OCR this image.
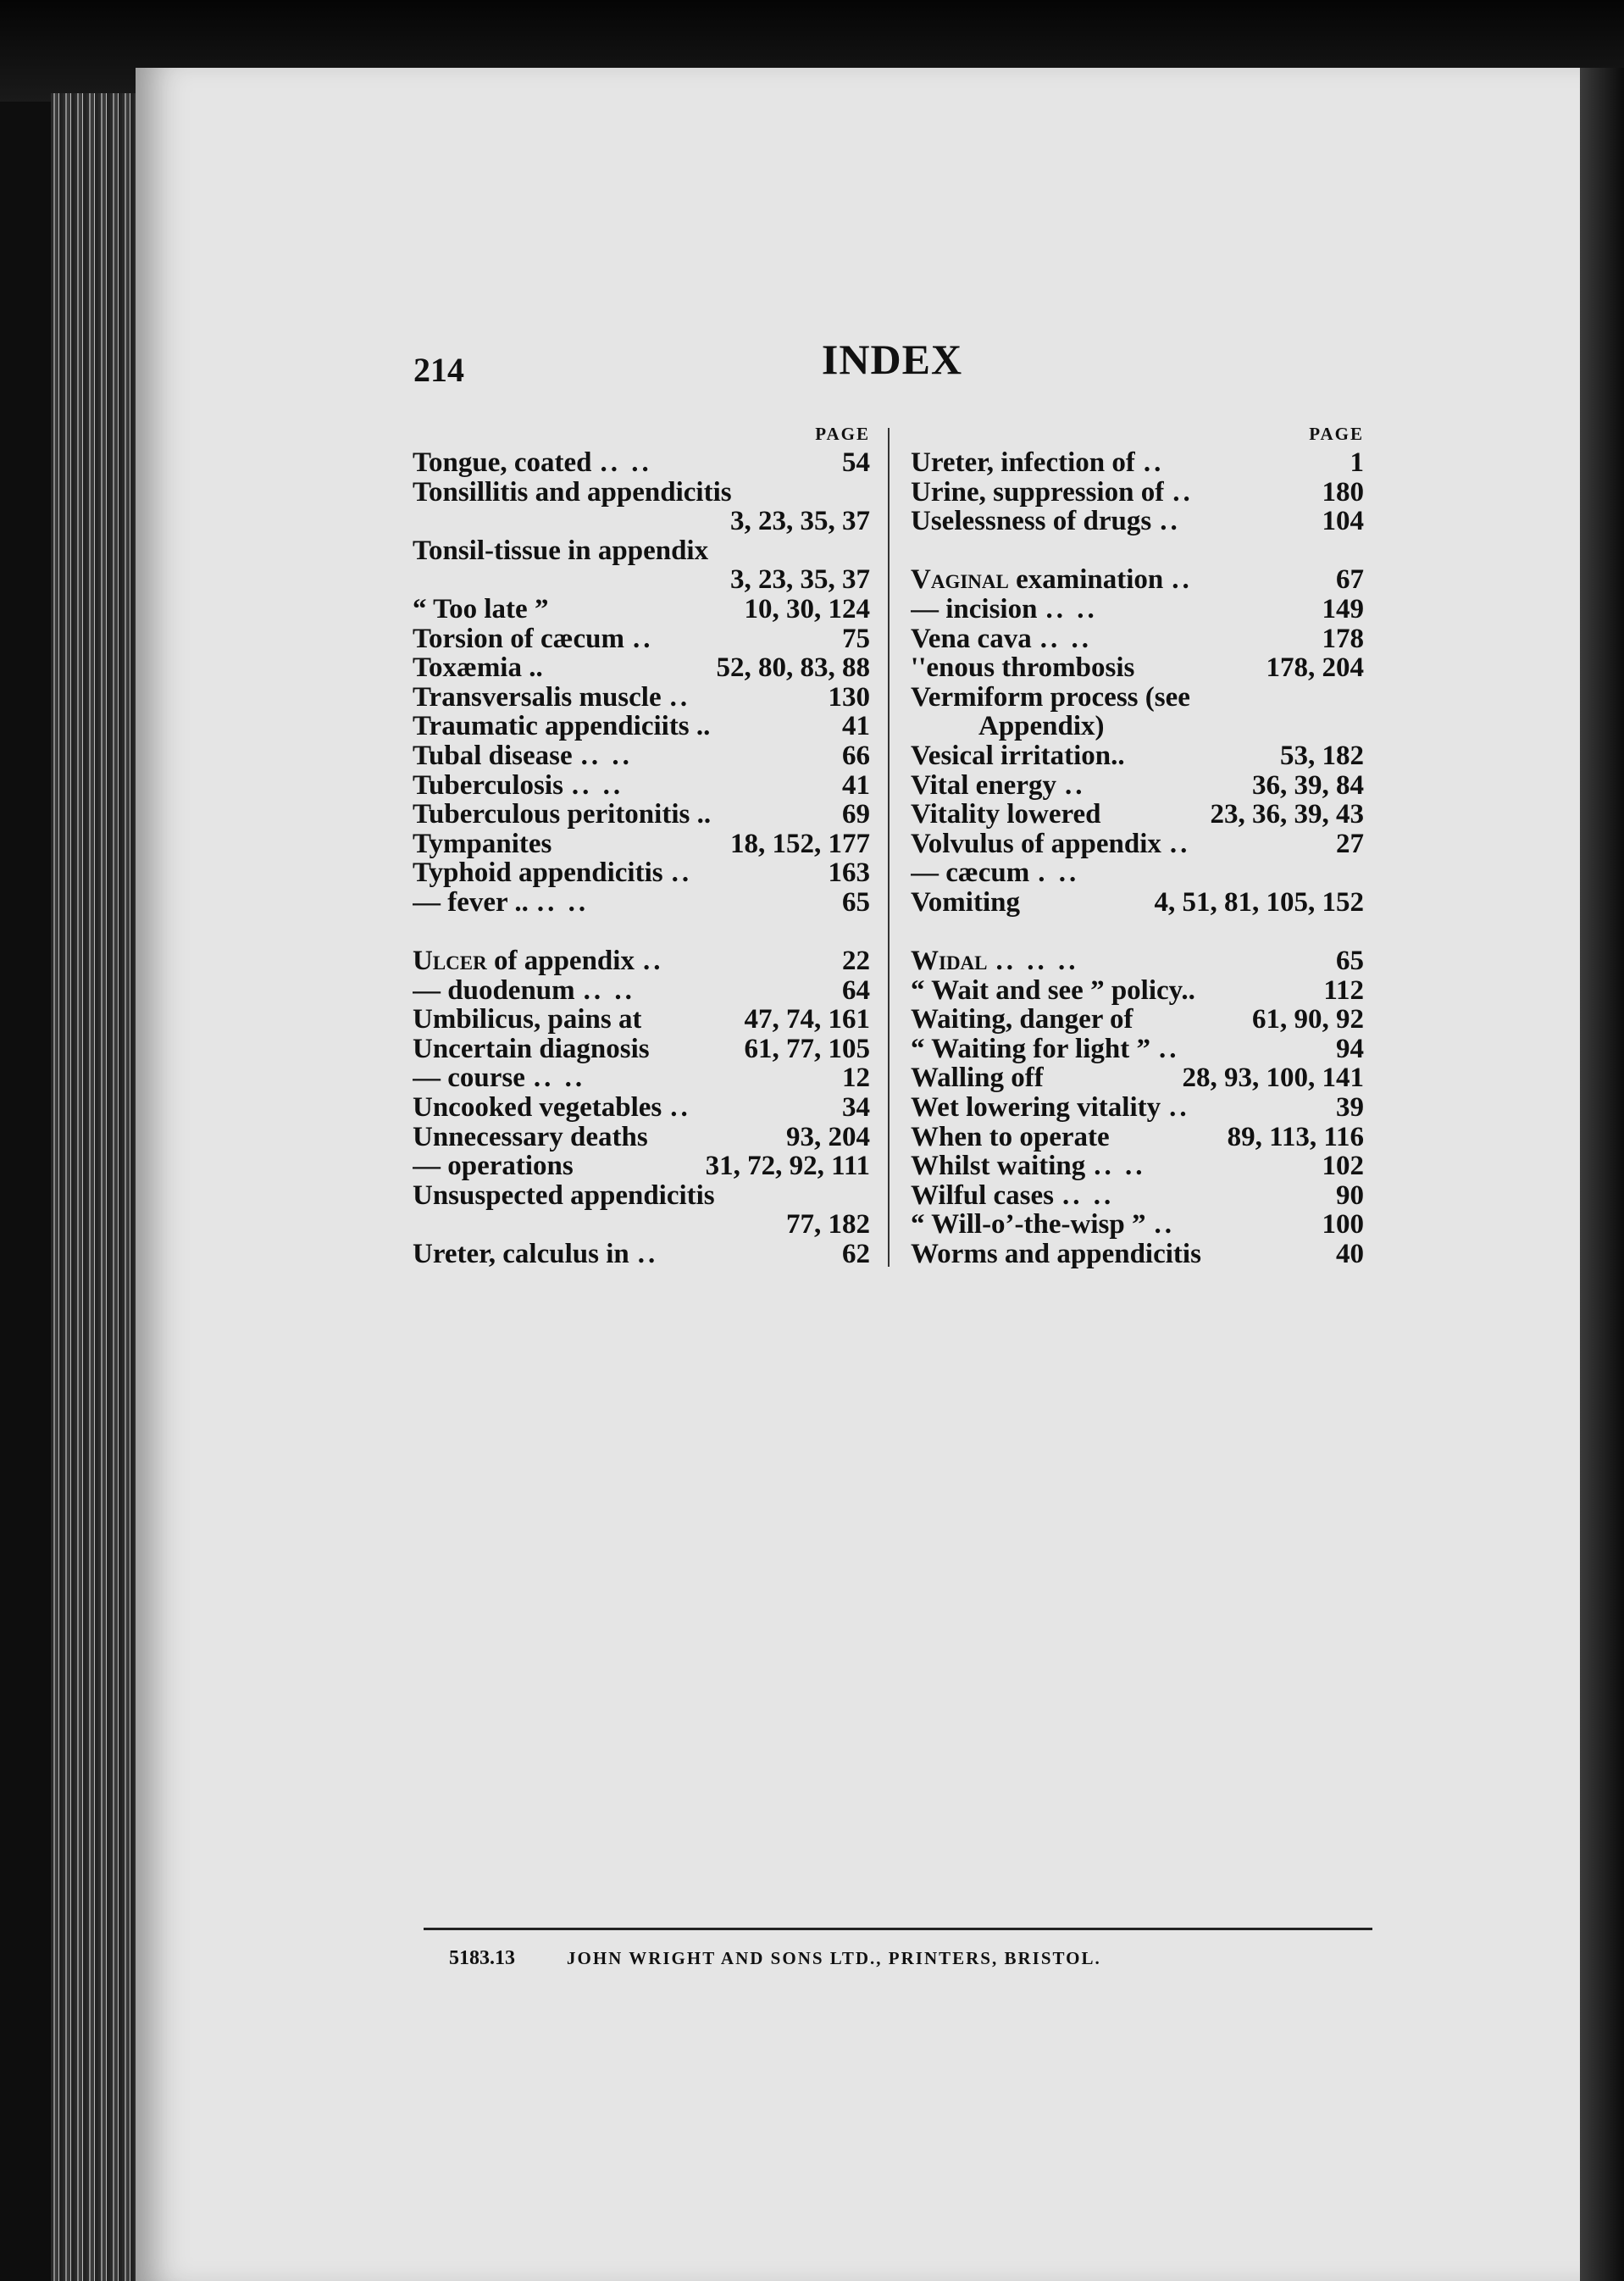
214	INDEX
PAGE
Tongue, coated .. ..	54
Tonsillitis and appendicitis
3, 23, 35, 37
Tonsil-tissue in appendix
3, 23, 35, 37
“ Too late ”	10, 30, 124
Torsion of cæcum ..	75
Toxæmia ..	52, 80, 83, 88
Transversalis muscle ..	130
Traumatic appendiciits ..	41
Tubal disease .. ..	66
Tuberculosis .. ..	41
Tuberculous peritonitis ..	69
Tympanites	18, 152, 177
Typhoid appendicitis ..	163
— fever .. .. ..	65
Ulcer of appendix ..	22
— duodenum .. ..	64
Umbilicus, pains at	47, 74, 161
Uncertain diagnosis	61, 77, 105
— course .. ..	12
Uncooked vegetables ..	34
Unnecessary deaths	93, 204
— operations	31, 72, 92, 111
Unsuspected appendicitis
77, 182
Ureter, calculus in ..	62
PAGE
Ureter, infection of ..	1
Urine, suppression of ..	180
Uselessness of drugs ..	104
Vaginal examination ..	67
— incision .. ..	149
Vena cava .. ..	178
''enous thrombosis	178, 204
Vermiform process (see
Appendix)
Vesical irritation..	53, 182
Vital energy ..	36, 39, 84
Vitality lowered	23, 36, 39, 43
Volvulus of appendix ..	27
— cæcum . ..
Vomiting	4, 51, 81, 105, 152
Widal .. .. ..	65
“ Wait and see ” policy..	112
Waiting, danger of	61, 90, 92
“ Waiting for light ” ..	94
Walling off	28, 93, 100, 141
Wet lowering vitality ..	39
When to operate	89, 113, 116
Whilst waiting .. ..	102
Wilful cases .. ..	90
“ Will-o’-the-wisp ” ..	100
Worms and appendicitis	40
5183.13	JOHN WRIGHT AND SONS LTD., PRINTERS, BRISTOL.
